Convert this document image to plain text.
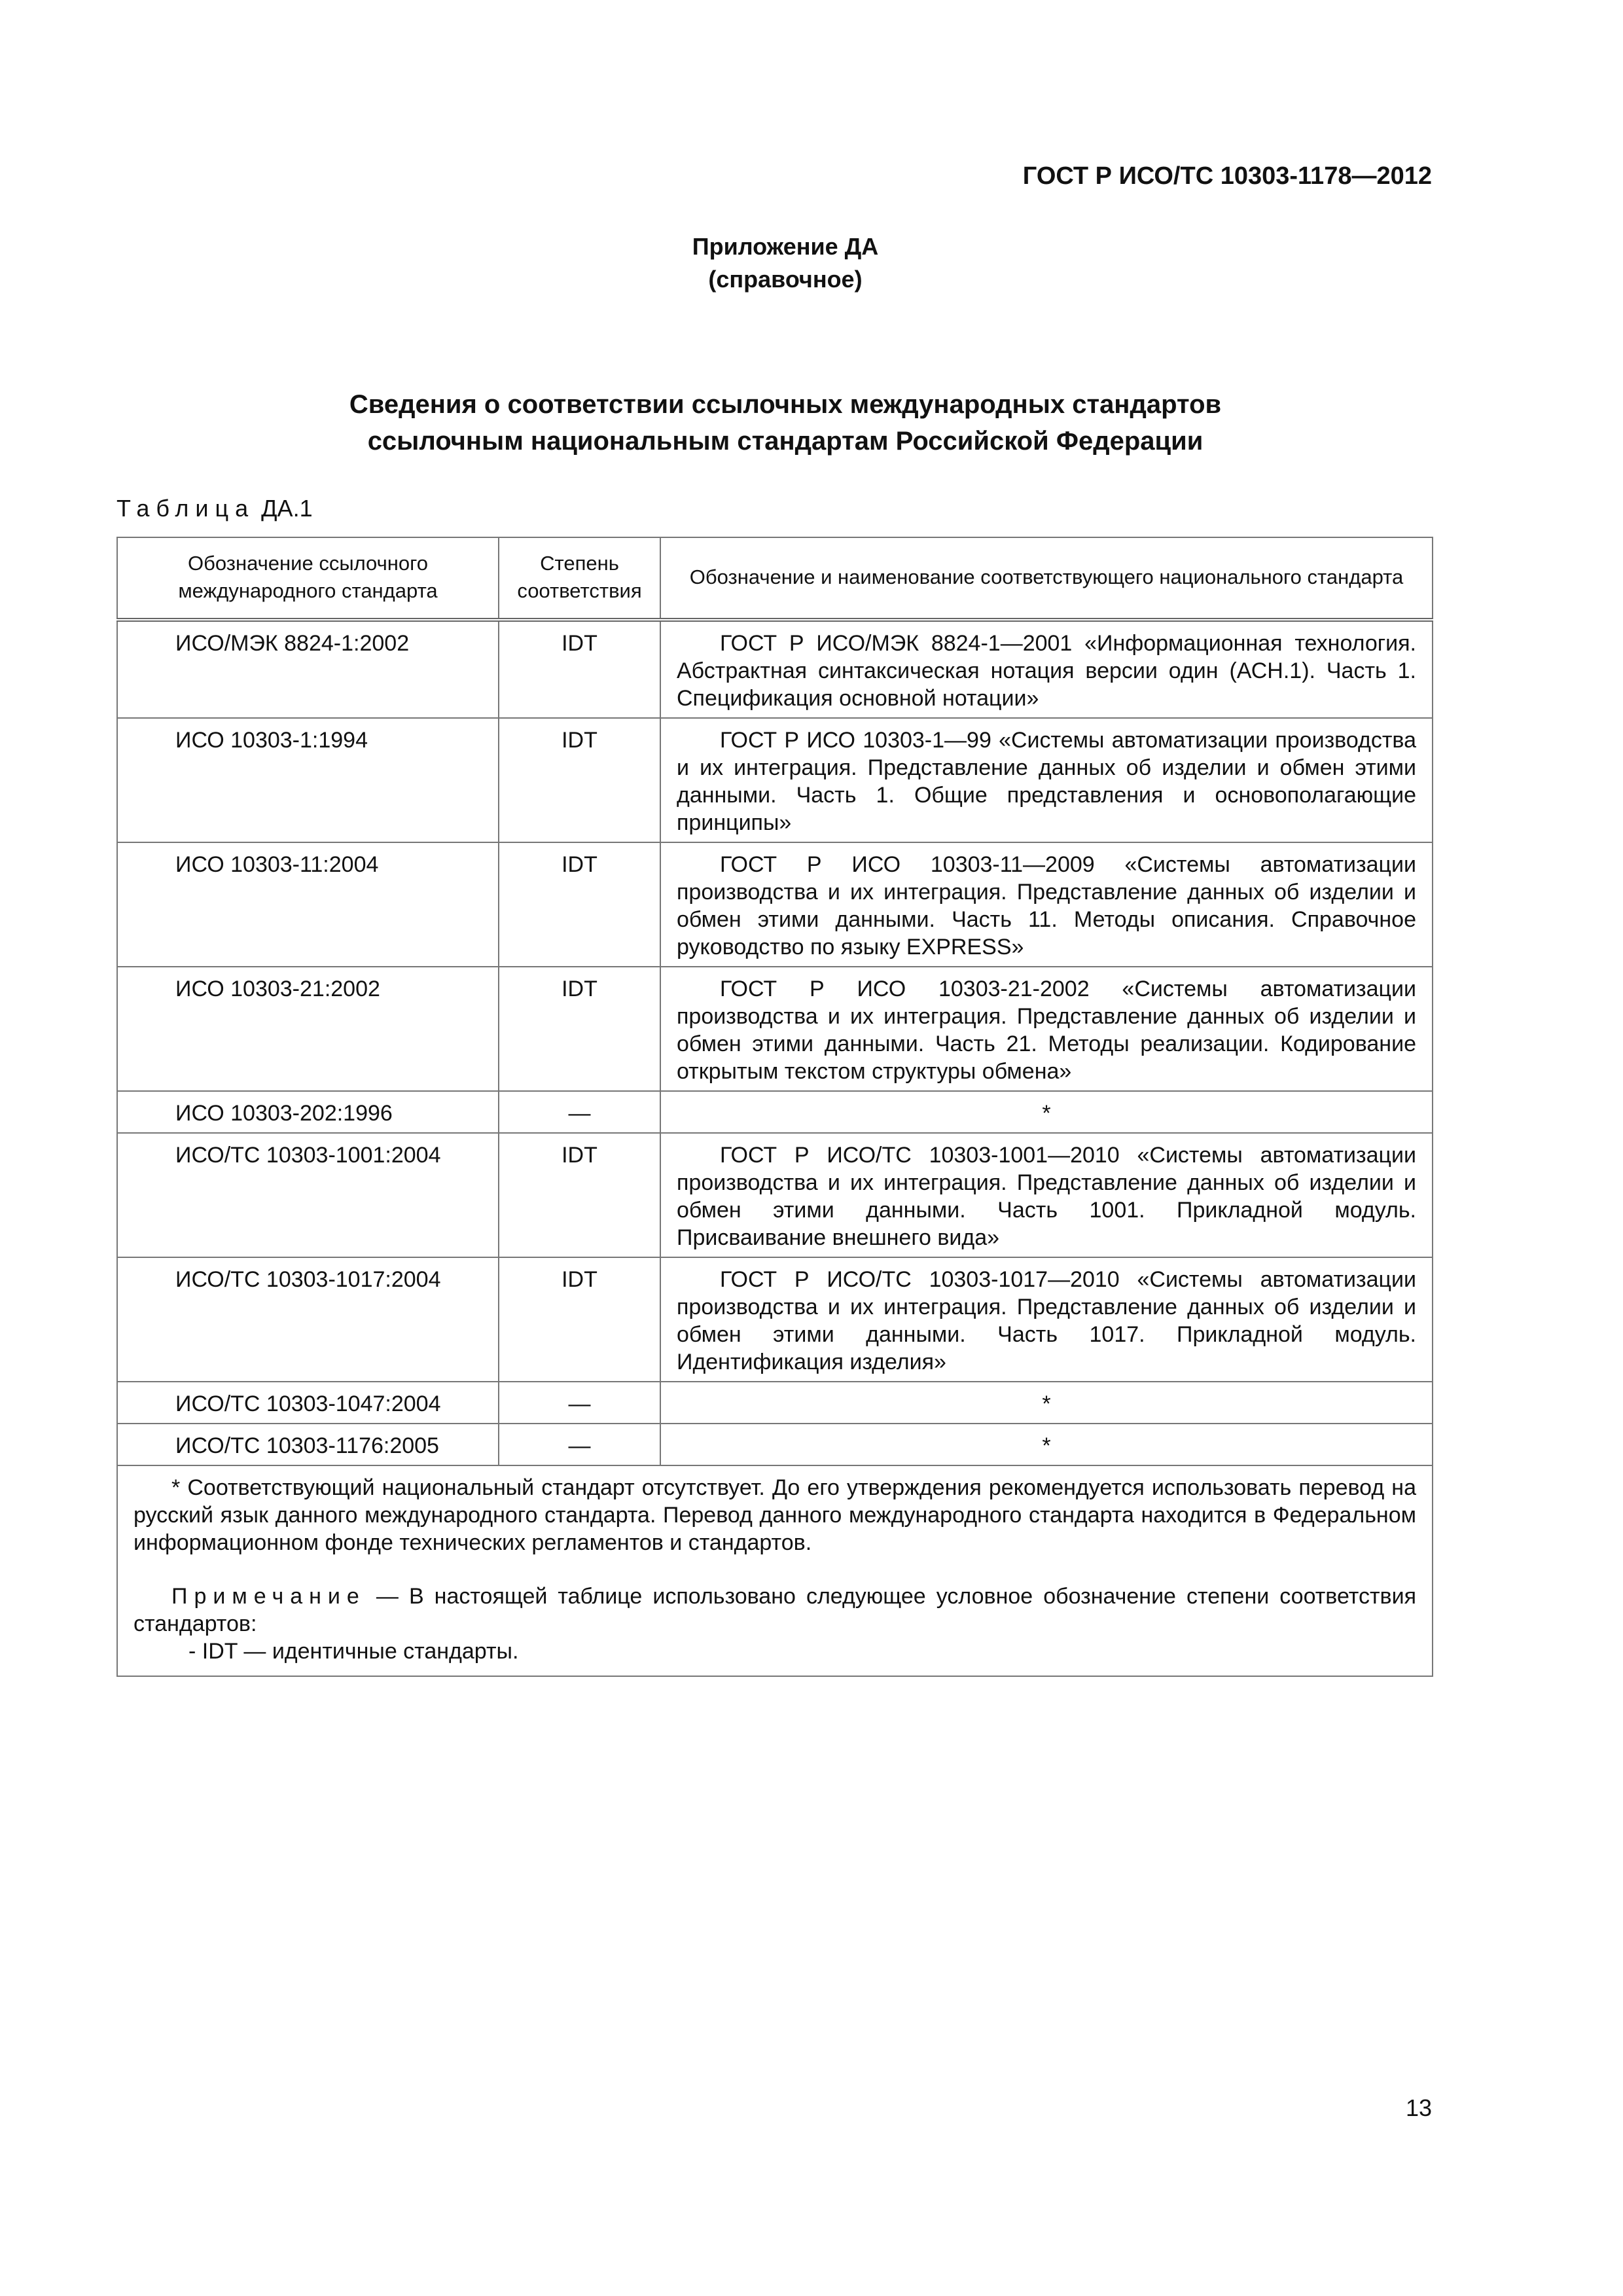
ГОСТ Р ИСО/ТС 10303-1178—2012
Приложение ДА
(справочное)
Сведения о соответствии ссылочных международных стандартов
ссылочным национальным стандартам Российской Федерации
Таблица ДА.1
Обозначение ссылочного международного стандарта	Степень соответствия	Обозначение и наименование соответствующего национального стандарта
ИСО/МЭК 8824-1:2002	IDT	ГОСТ Р ИСО/МЭК 8824-1—2001 «Информационная технология. Абстрактная синтаксическая нотация версии один (АСН.1). Часть 1. Спецификация основной нотации»

ИСО 10303-1:1994	IDT	ГОСТ Р ИСО 10303-1—99 «Системы автоматизации производства и их интеграция. Представление данных об изделии и обмен этими данными. Часть 1. Общие представления и основополагающие принципы»

ИСО 10303-11:2004	IDT	ГОСТ Р ИСО 10303-11—2009 «Системы автоматизации производства и их интеграция. Представление данных об изделии и обмен этими данными. Часть 11. Методы описания. Справочное руководство по языку EXPRESS»

ИСО 10303-21:2002	IDT	ГОСТ Р ИСО 10303-21-2002 «Системы автоматизации производства и их интеграция. Представление данных об изделии и обмен этими данными. Часть 21. Методы реализации. Кодирование открытым текстом структуры обмена»

ИСО 10303-202:1996	—	*
ИСО/ТС 10303-1001:2004	IDT	ГОСТ Р ИСО/ТС 10303-1001—2010 «Системы автоматизации производства и их интеграция. Представление данных об изделии и обмен этими данными. Часть 1001. Прикладной модуль. Присваивание внешнего вида»

ИСО/ТС 10303-1017:2004	IDT	ГОСТ Р ИСО/ТС 10303-1017—2010 «Системы автоматизации производства и их интеграция. Представление данных об изделии и обмен этими данными. Часть 1017. Прикладной модуль. Идентификация изделия»

ИСО/ТС 10303-1047:2004	—	*
ИСО/ТС 10303-1176:2005	—	*

* Соответствующий национальный стандарт отсутствует. До его утверждения рекомендуется использовать перевод на русский язык данного международного стандарта. Перевод данного международного стандарта находится в Федеральном информационном фонде технических регламентов и стандартов.

Примечание — В настоящей таблице использовано следующее условное обозначение степени соответствия стандартов:

- IDT — идентичные стандарты.		

13
